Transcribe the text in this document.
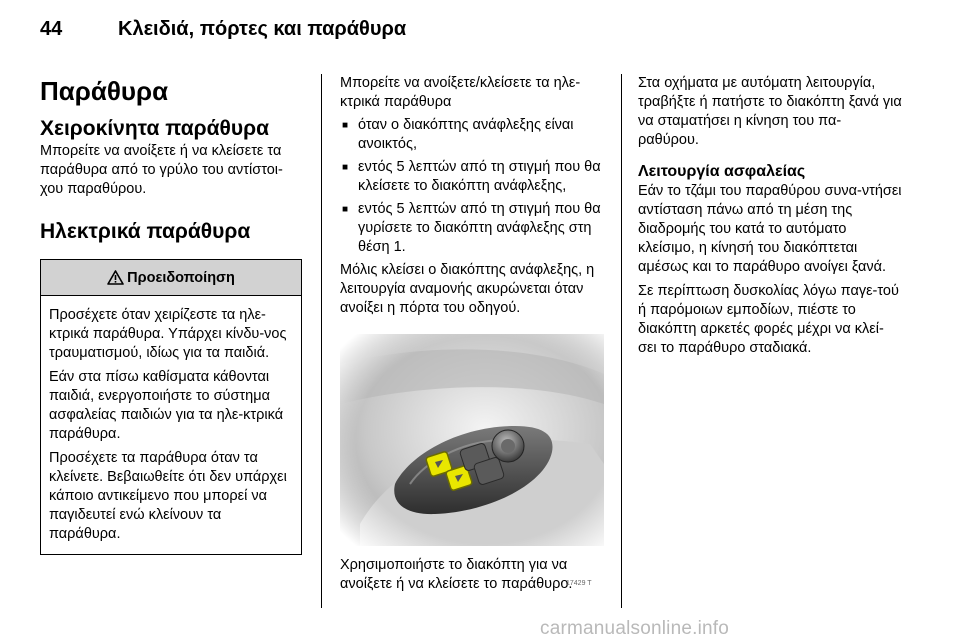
44	Κλειδιά, πόρτες και παράθυρα
Παράθυρα
Χειροκίνητα παράθυρα

Μπορείτε να ανοίξετε ή να κλείσετε τα παράθυρα από το γρύλο του αντίστοι-χου παραθύρου.

Ηλεκτρικά παράθυρα
Προειδοποίηση

Προσέχετε όταν χειρίζεστε τα ηλε-κτρικά παράθυρα. Υπάρχει κίνδυ-νος τραυματισμού, ιδίως για τα παιδιά.

Εάν στα πίσω καθίσματα κάθονται παιδιά, ενεργοποιήστε το σύστημα ασφαλείας παιδιών για τα ηλε-κτρικά παράθυρα.

Προσέχετε τα παράθυρα όταν τα κλείνετε. Βεβαιωθείτε ότι δεν υπάρχει κάποιο αντικείμενο που μπορεί να παγιδευτεί ενώ κλείνουν τα παράθυρα.

Μπορείτε να ανοίξετε/κλείσετε τα ηλε-κτρικά παράθυρα

■ όταν ο διακόπτης ανάφλεξης είναι ανοικτός,
■ εντός 5 λεπτών από τη στιγμή που θα κλείσετε το διακόπτη ανάφλεξης,
■ εντός 5 λεπτών από τη στιγμή που θα γυρίσετε το διακόπτη ανάφλεξης στη θέση 1.

Μόλις κλείσει ο διακόπτης ανάφλεξης, η λειτουργία αναμονής ακυρώνεται όταν ανοίξει η πόρτα του οδηγού.

17429 T

Χρησιμοποιήστε το διακόπτη για να ανοίξετε ή να κλείσετε το παράθυρο.

Στα οχήματα με αυτόματη λειτουργία, τραβήξτε ή πατήστε το διακόπτη ξανά για να σταματήσει η κίνηση του πα-ραθύρου.

Λειτουργία ασφαλείας

Εάν το τζάμι του παραθύρου συνα-ντήσει αντίσταση πάνω από τη μέση της διαδρομής του κατά το αυτόματο κλείσιμο, η κίνησή του διακόπτεται αμέσως και το παράθυρο ανοίγει ξανά.

Σε περίπτωση δυσκολίας λόγω παγε-τού ή παρόμοιων εμποδίων, πιέστε το διακόπτη αρκετές φορές μέχρι να κλεί-σει το παράθυρο σταδιακά.

carmanualsonline.info
